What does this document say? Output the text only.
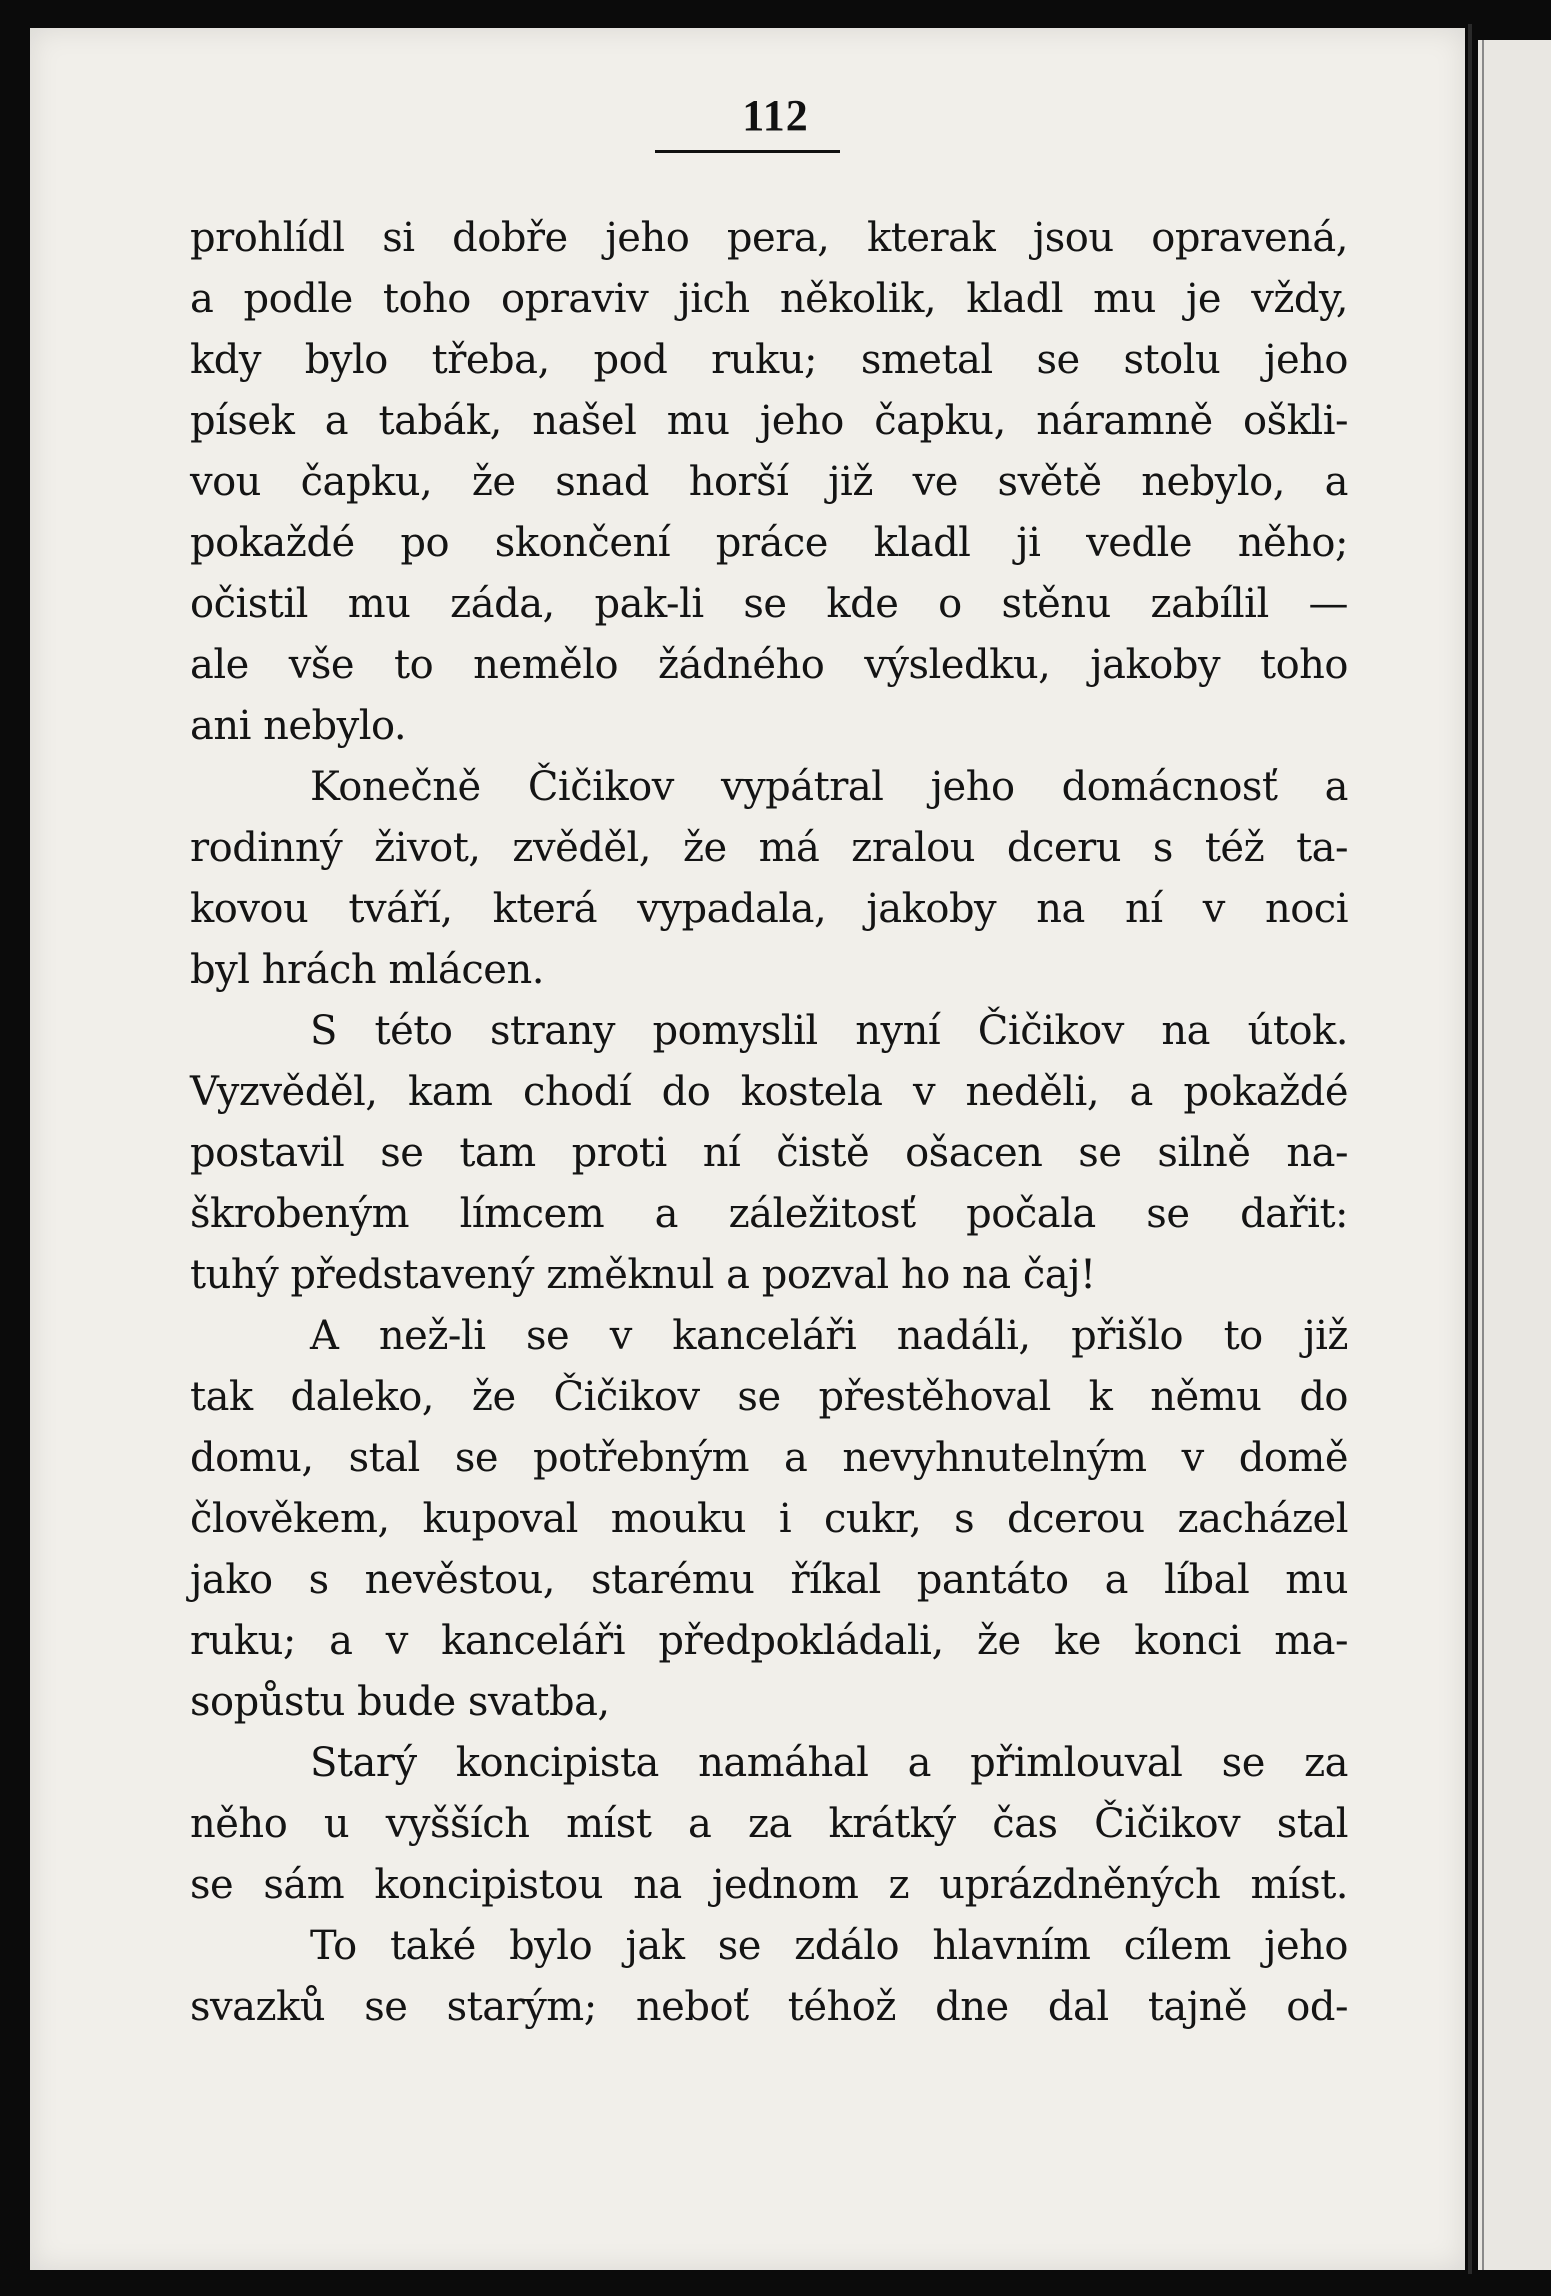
112
prohlídl si dobře jeho pera, kterak jsou opravená,
a podle toho opraviv jich několik, kladl mu je vždy,
kdy bylo třeba, pod ruku; smetal se stolu jeho
písek a tabák, našel mu jeho čapku, náramně oškli-
vou čapku, že snad horší již ve světě nebylo, a
pokaždé po skončení práce kladl ji vedle něho;
očistil mu záda, pak-li se kde o stěnu zabílil —
ale vše to nemělo žádného výsledku, jakoby toho
ani nebylo.
Konečně Čičikov vypátral jeho domácnosť a
rodinný život, zvěděl, že má zralou dceru s též ta-
kovou tváří, která vypadala, jakoby na ní v noci
byl hrách mlácen.
S této strany pomyslil nyní Čičikov na útok.
Vyzvěděl, kam chodí do kostela v neděli, a pokaždé
postavil se tam proti ní čistě ošacen se silně na-
škrobeným límcem a záležitosť počala se dařit:
tuhý představený změknul a pozval ho na čaj!
A než-li se v kanceláři nadáli, přišlo to již
tak daleko, že Čičikov se přestěhoval k němu do
domu, stal se potřebným a nevyhnutelným v domě
člověkem, kupoval mouku i cukr, s dcerou zacházel
jako s nevěstou, starému říkal pantáto a líbal mu
ruku; a v kanceláři předpokládali, že ke konci ma-
sopůstu bude svatba,
Starý koncipista namáhal a přimlouval se za
něho u vyšších míst a za krátký čas Čičikov stal
se sám koncipistou na jednom z uprázdněných míst.
To také bylo jak se zdálo hlavním cílem jeho
svazků se starým; neboť téhož dne dal tajně od-
